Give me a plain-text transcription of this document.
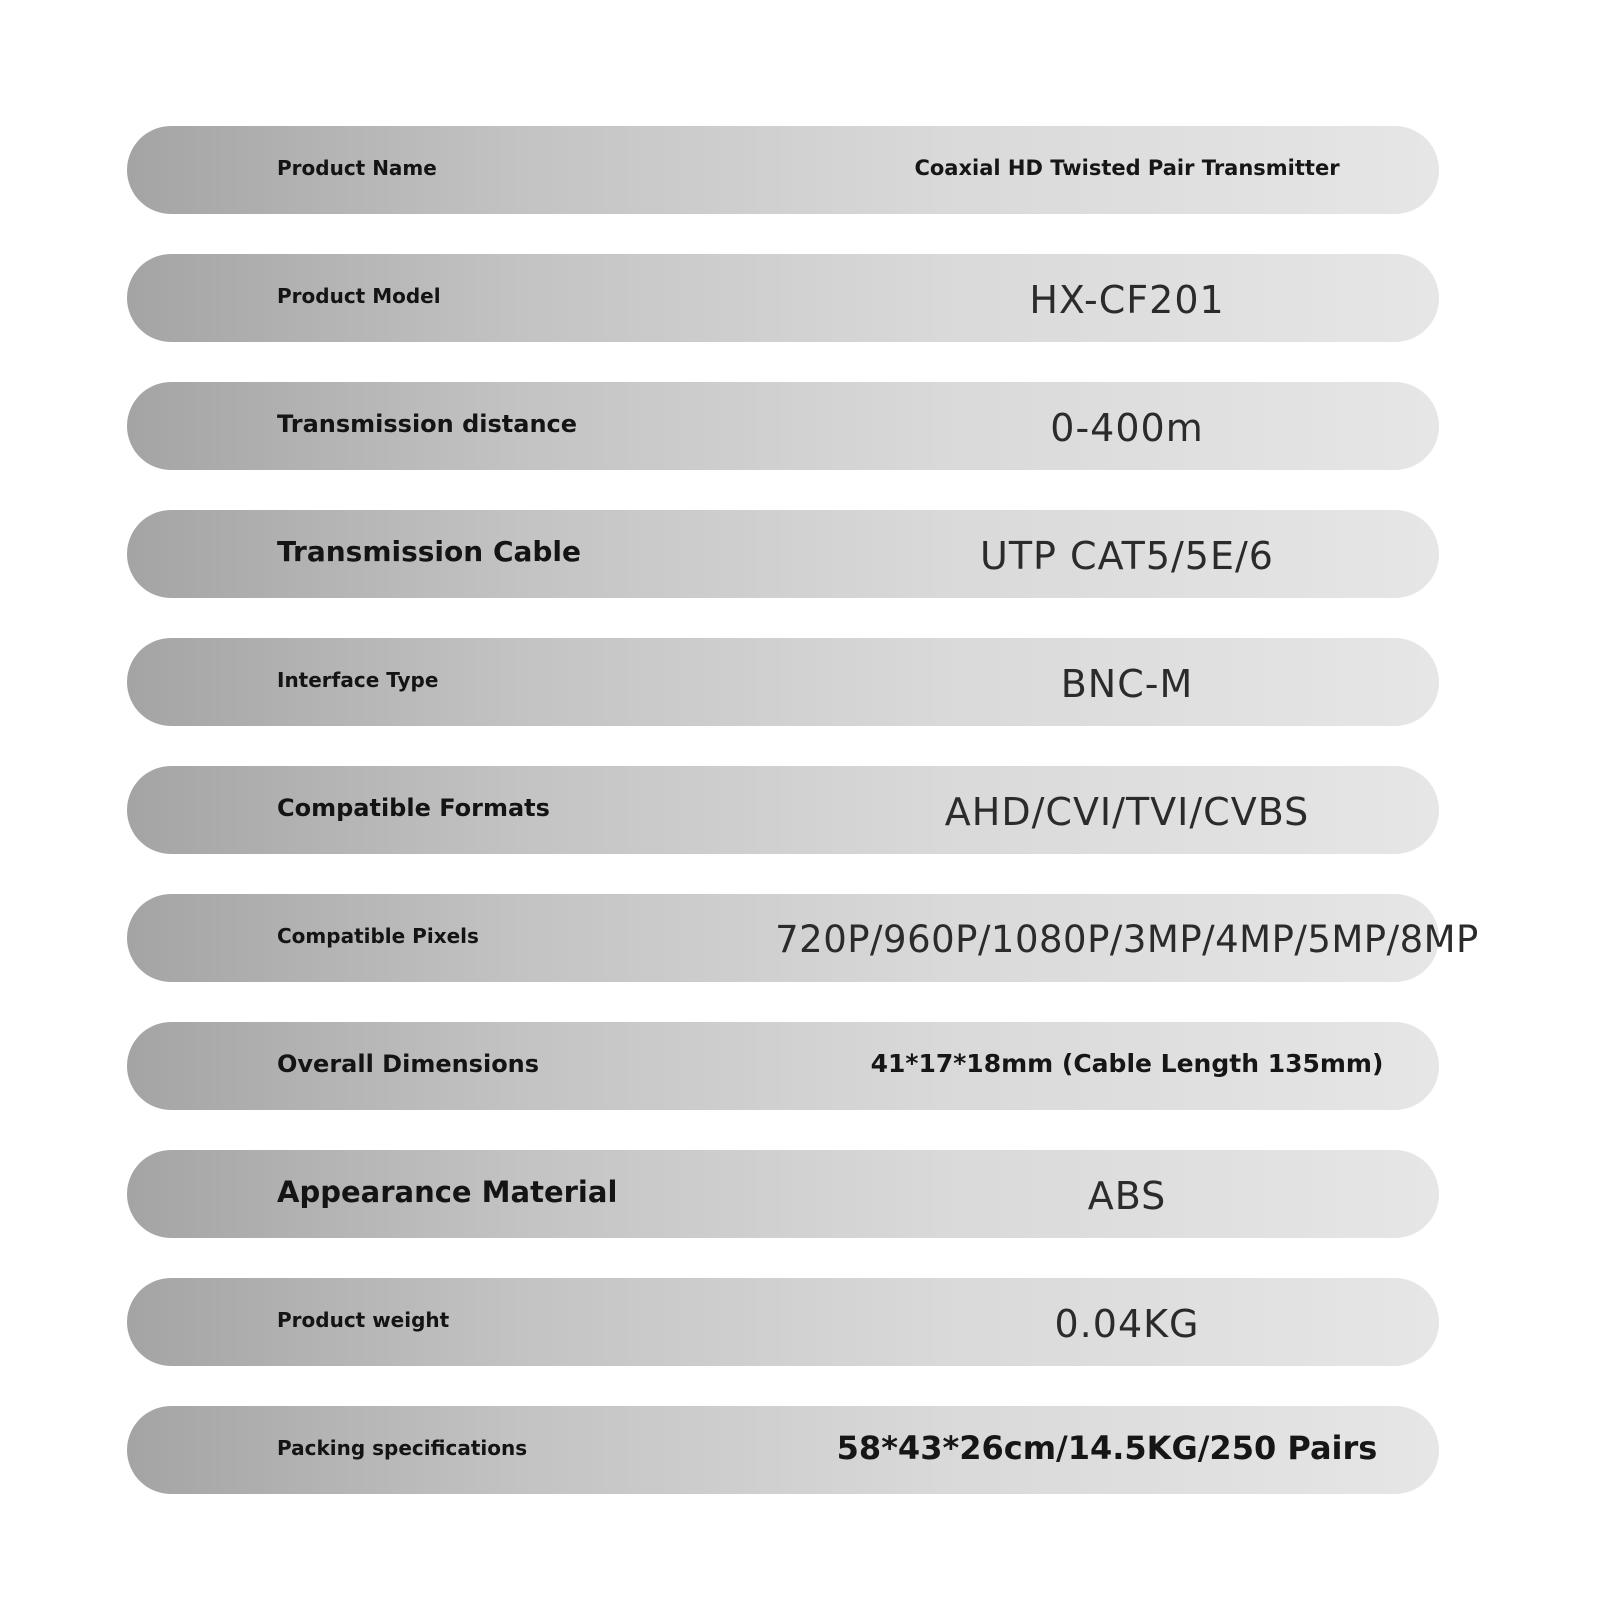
Product Name	Coaxial HD Twisted Pair Transmitter
Product Model	HX-CF201
Transmission distance	0-400m
Transmission Cable	UTP CAT5/5E/6
Interface Type	BNC-M
Compatible Formats	AHD/CVI/TVI/CVBS
Compatible Pixels	720P/960P/1080P/3MP/4MP/5MP/8MP
Overall Dimensions	41*17*18mm (Cable Length 135mm)
Appearance Material	ABS
Product weight	0.04KG
Packing specifications	58*43*26cm/14.5KG/250 Pairs
